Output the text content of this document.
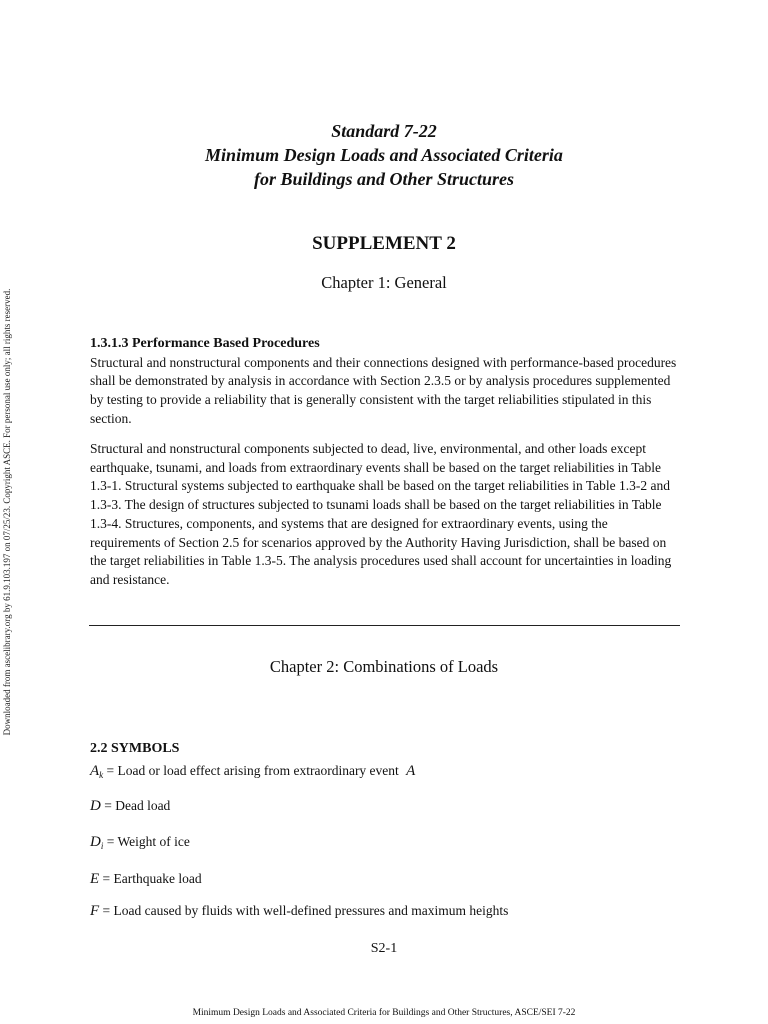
Downloaded from ascelibrary.org by 61.9.103.197 on 07/25/23. Copyright ASCE. For personal use only; all rights reserved.
Standard 7-22
Minimum Design Loads and Associated Criteria
for Buildings and Other Structures
SUPPLEMENT 2
Chapter 1: General
1.3.1.3 Performance Based Procedures

Structural and nonstructural components and their connections designed with performance-based procedures shall be demonstrated by analysis in accordance with Section 2.3.5 or by analysis procedures supplemented by testing to provide a reliability that is generally consistent with the target reliabilities stipulated in this section.

Structural and nonstructural components subjected to dead, live, environmental, and other loads except earthquake, tsunami, and loads from extraordinary events shall be based on the target reliabilities in Table 1.3-1. Structural systems subjected to earthquake shall be based on the target reliabilities in Table 1.3-2 and 1.3-3. The design of structures subjected to tsunami loads shall be based on the target reliabilities in Table 1.3-4. Structures, components, and systems that are designed for extraordinary events, using the requirements of Section 2.5 for scenarios approved by the Authority Having Jurisdiction, shall be based on the target reliabilities in Table 1.3-5. The analysis procedures used shall account for uncertainties in loading and resistance.

Chapter 2: Combinations of Loads
2.2 SYMBOLS
$A_k$ = Load or load effect arising from extraordinary event A
D = Dead load
$D_i$ = Weight of ice
E = Earthquake load
F = Load caused by fluids with well-defined pressures and maximum heights
S2-1
Minimum Design Loads and Associated Criteria for Buildings and Other Structures, ASCE/SEI 7-22
